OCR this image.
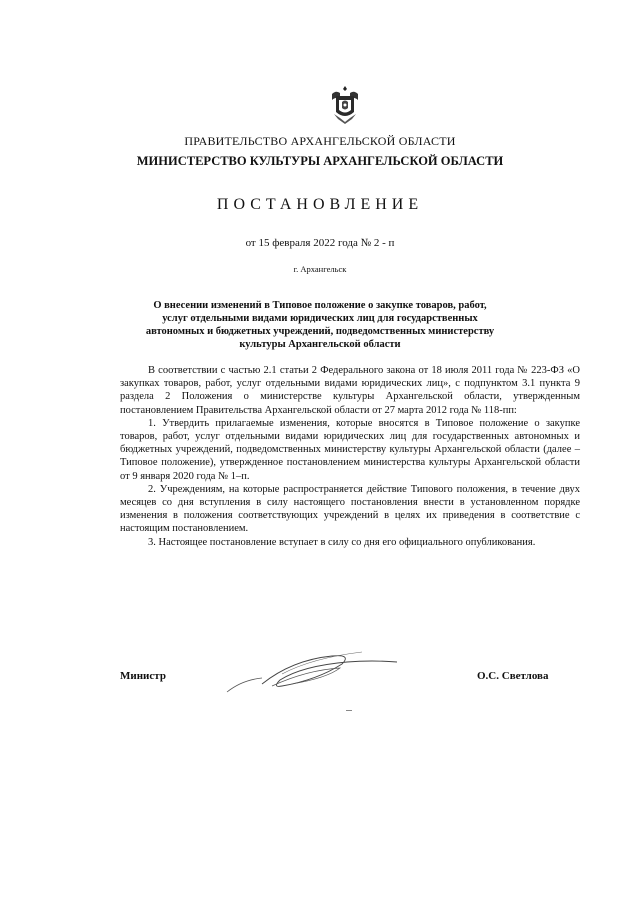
ПРАВИТЕЛЬСТВО АРХАНГЕЛЬСКОЙ ОБЛАСТИ
МИНИСТЕРСТВО КУЛЬТУРЫ АРХАНГЕЛЬСКОЙ ОБЛАСТИ
ПОСТАНОВЛЕНИЕ
от 15 февраля 2022 года № 2 - п
г. Архангельск
О внесении изменений в Типовое положение о закупке товаров, работ,
услуг отдельными видами юридических лиц для государственных
автономных и бюджетных учреждений, подведомственных министерству
культуры Архангельской области

В соответствии с частью 2.1 статьи 2 Федерального закона от 18 июля 2011 года № 223-ФЗ «О закупках товаров, работ, услуг отдельными видами юридических лиц», с подпунктом 3.1 пункта 9 раздела 2 Положения о министерстве культуры Архангельской области, утвержденным постановлением Правительства Архангельской области от 27 марта 2012 года № 118-пп:

1. Утвердить прилагаемые изменения, которые вносятся в Типовое положение о закупке товаров, работ, услуг отдельными видами юридических лиц для государственных автономных и бюджетных учреждений, подведомственных министерству культуры Архангельской области (далее – Типовое положение), утвержденное постановлением министерства культуры Архангельской области от 9 января 2020 года № 1–п.

2. Учреждениям, на которые распространяется действие Типового положения, в течение двух месяцев со дня вступления в силу настоящего постановления внести в установленном порядке изменения в положения соответствующих учреждений в целях их приведения в соответствие с настоящим постановлением.

3. Настоящее постановление вступает в силу со дня его официального опубликования.

Министр	О.С. Светлова
